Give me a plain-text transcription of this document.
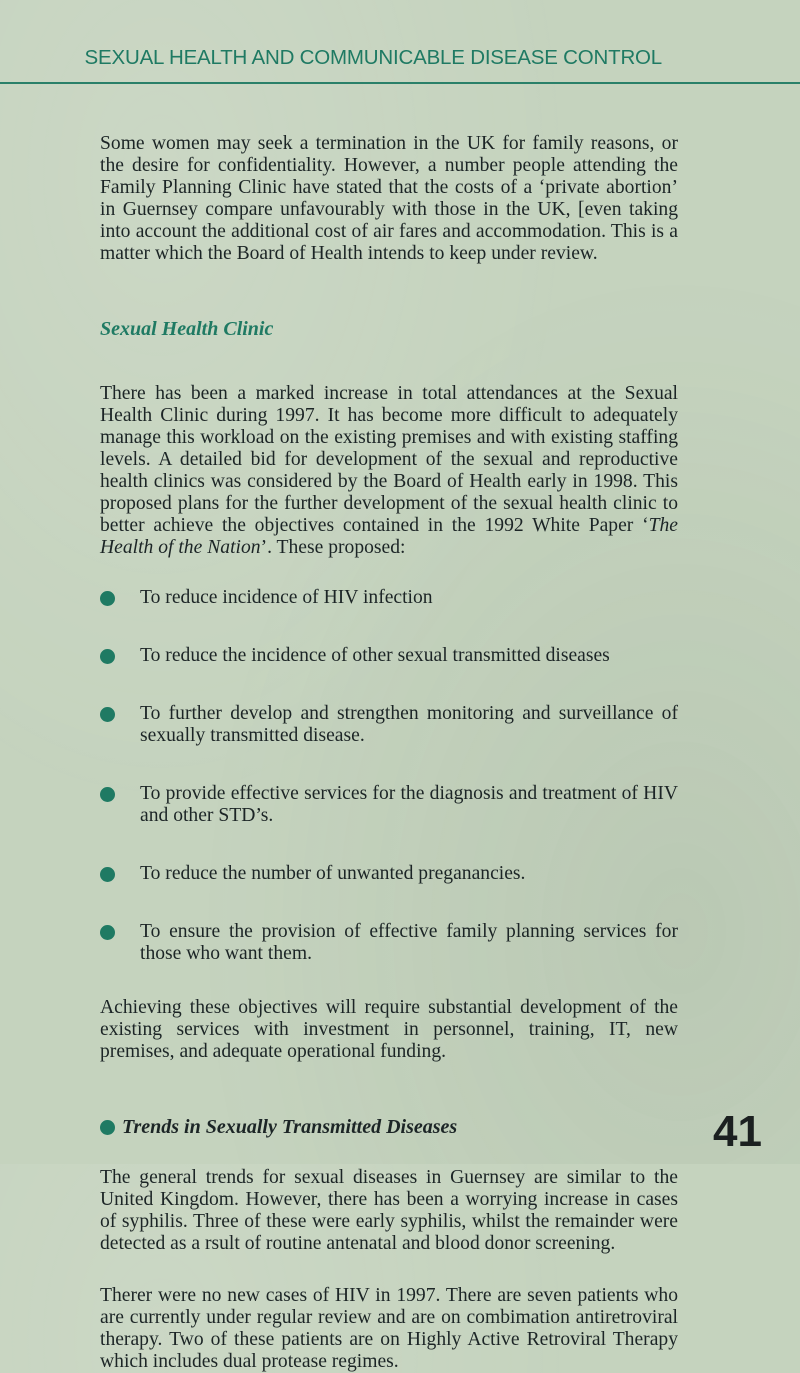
SEXUAL HEALTH AND COMMUNICABLE DISEASE CONTROL

Some women may seek a termination in the UK for family reasons, or the desire for confidentiality. However, a number people attending the Family Planning Clinic have stated that the costs of a ‘private abortion’ in Guernsey compare unfavourably with those in the UK, [even taking into account the additional cost of air fares and accommodation. This is a matter which the Board of Health intends to keep under review.

Sexual Health Clinic

There has been a marked increase in total attendances at the Sexual Health Clinic during 1997. It has become more difficult to adequately manage this workload on the existing premises and with existing staffing levels. A detailed bid for development of the sexual and reproductive health clinics was considered by the Board of Health early in 1998. This proposed plans for the further development of the sexual health clinic to better achieve the objectives contained in the 1992 White Paper ‘The Health of the Nation’. These proposed:

To reduce incidence of HIV infection
To reduce the incidence of other sexual transmitted diseases
To further develop and strengthen monitoring and surveillance of sexually transmitted disease.
To provide effective services for the diagnosis and treatment of HIV and other STD’s.
To reduce the number of unwanted preganancies.
To ensure the provision of effective family planning services for those who want them.

Achieving these objectives will require substantial development of the existing services with investment in personnel, training, IT, new premises, and adequate operational funding.

Trends in Sexually Transmitted Diseases

The general trends for sexual diseases in Guernsey are similar to the United Kingdom. However, there has been a worrying increase in cases of syphilis. Three of these were early syphilis, whilst the remainder were detected as a rsult of routine antenatal and blood donor screening.

Therer were no new cases of HIV in 1997. There are seven patients who are currently under regular review and are on combimation antiretroviral therapy. Two of these patients are on Highly Active Retroviral Therapy which includes dual protease regimes.

41
